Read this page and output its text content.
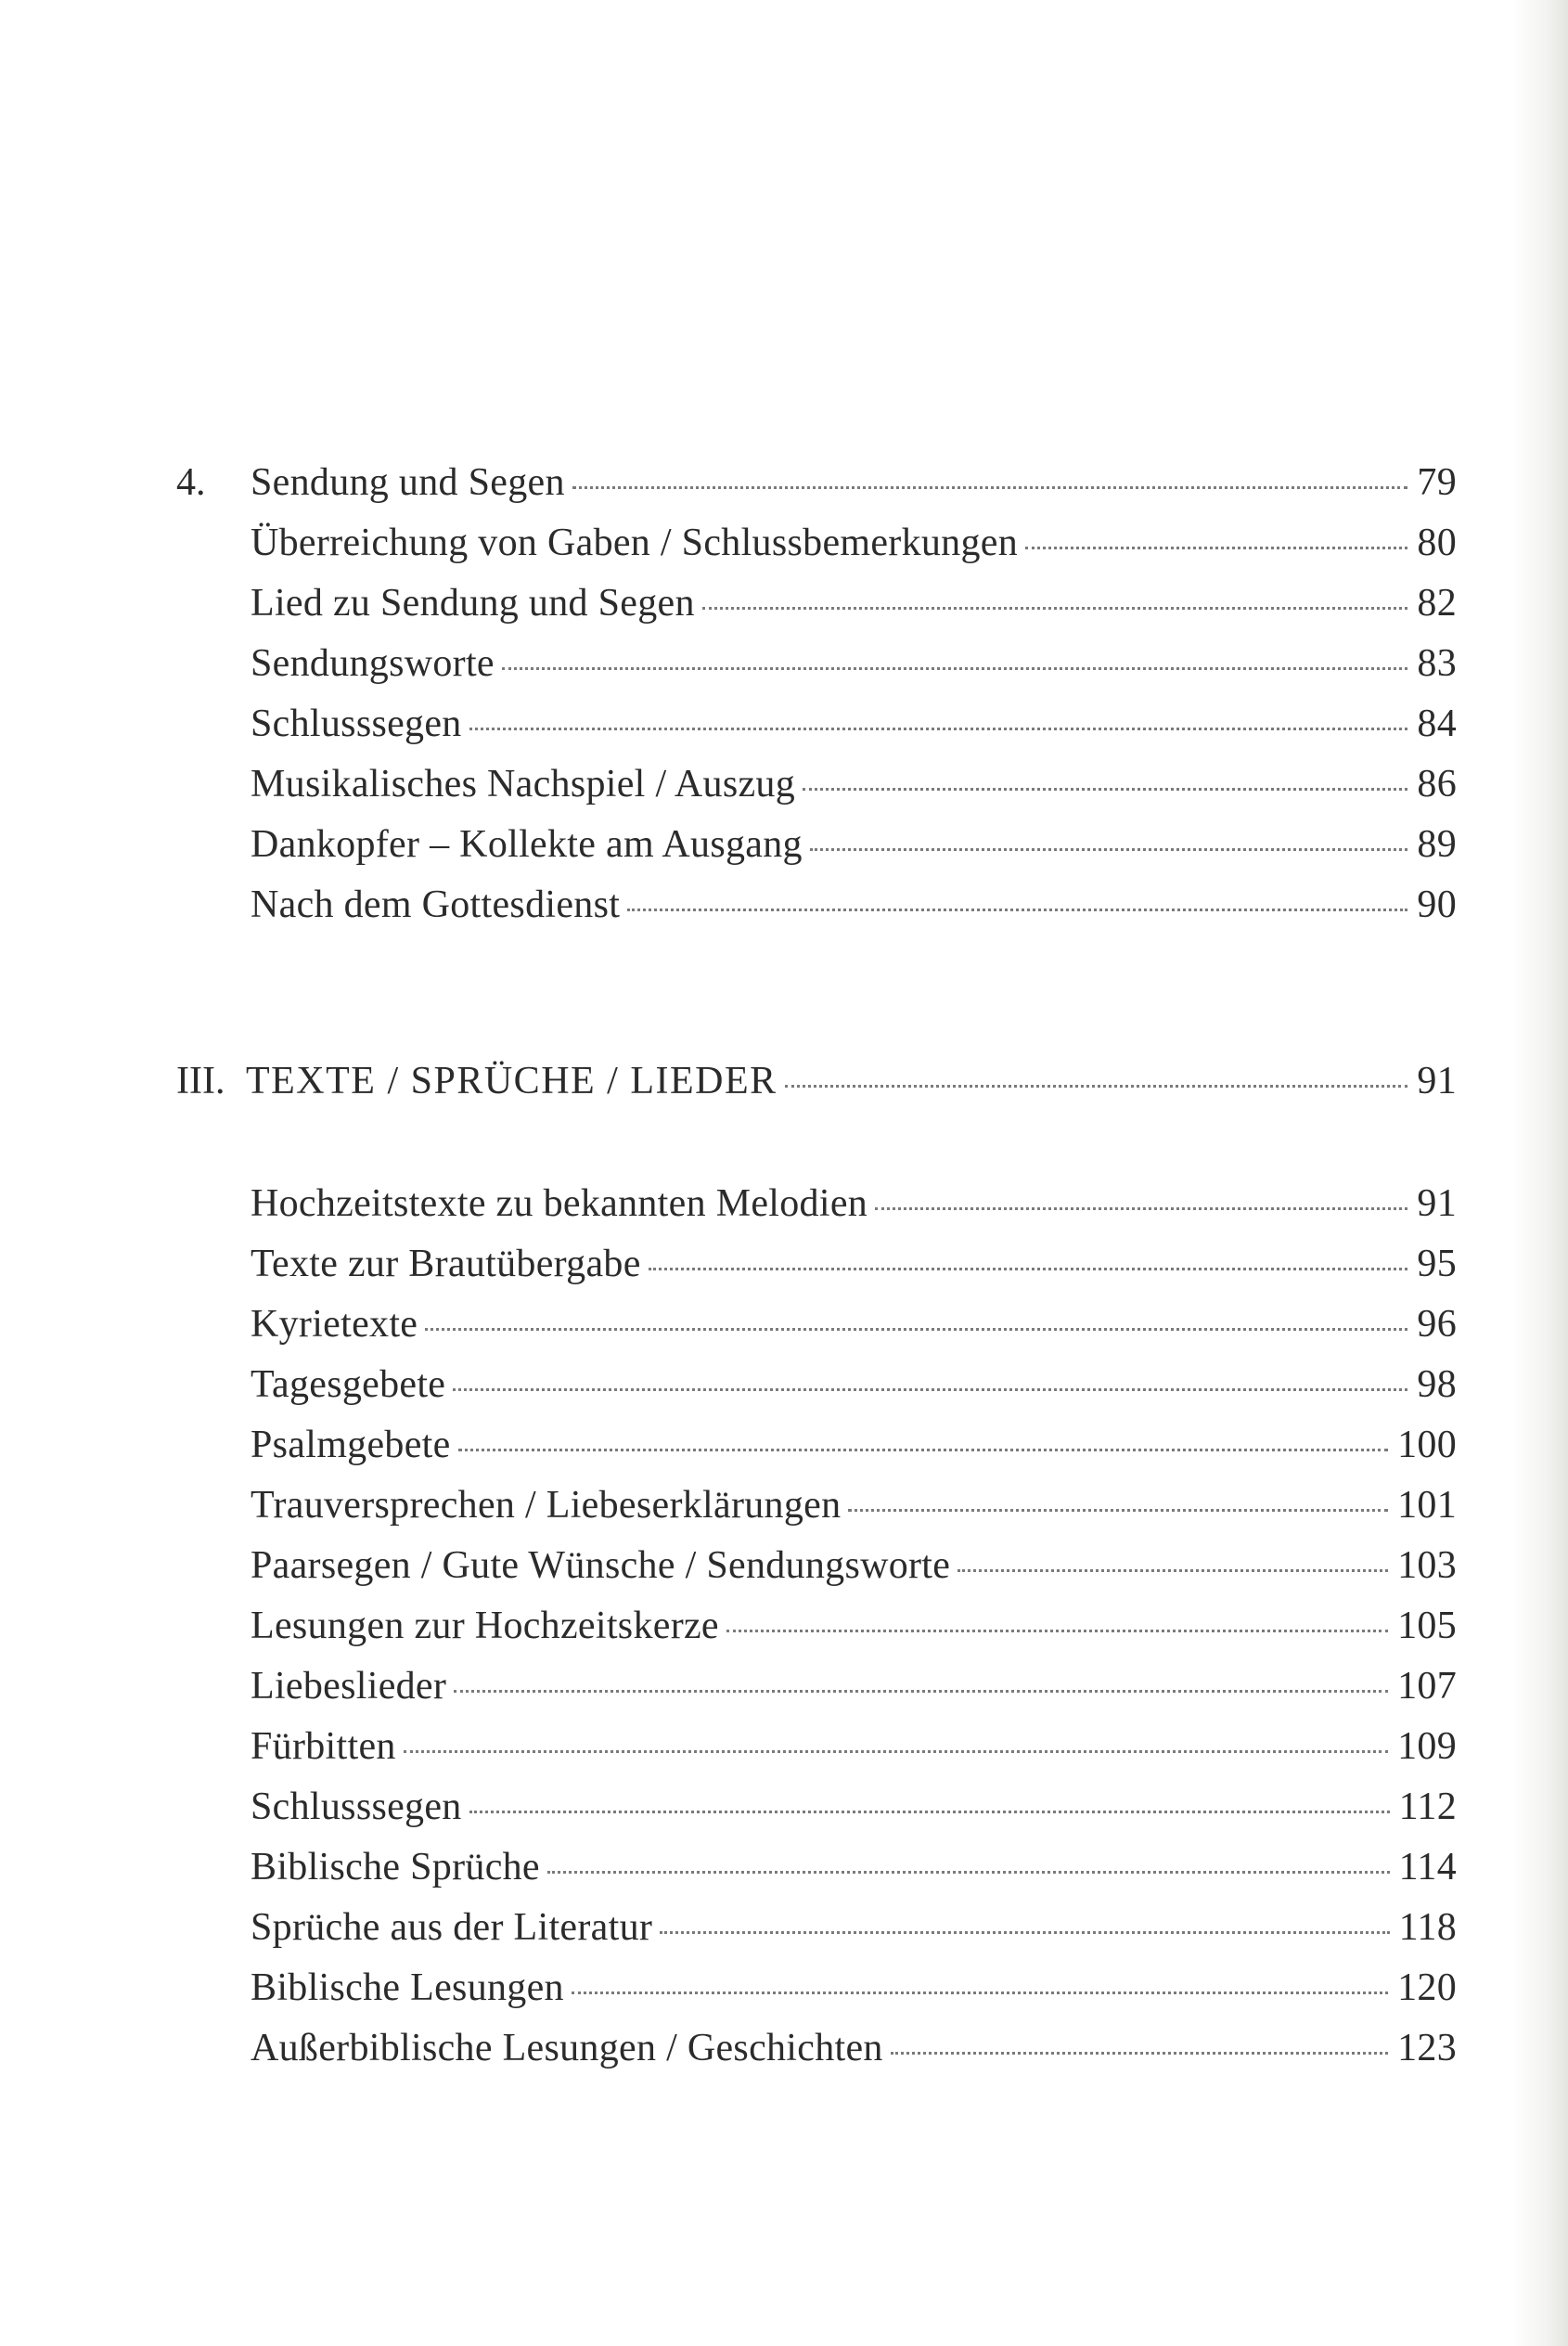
4. Sendung und Segen	79
Überreichung von Gaben / Schlussbemerkungen	80
Lied zu Sendung und Segen	82
Sendungsworte	83
Schlusssegen	84
Musikalisches Nachspiel / Auszug	86
Dankopfer – Kollekte am Ausgang	89
Nach dem Gottesdienst	90
III. TEXTE / SPRÜCHE / LIEDER	91
Hochzeitstexte zu bekannten Melodien	91
Texte zur Brautübergabe	95
Kyrietexte	96
Tagesgebete	98
Psalmgebete	100
Trauversprechen / Liebeserklärungen	101
Paarsegen / Gute Wünsche / Sendungsworte	103
Lesungen zur Hochzeitskerze	105
Liebeslieder	107
Fürbitten	109
Schlusssegen	112
Biblische Sprüche	114
Sprüche aus der Literatur	118
Biblische Lesungen	120
Außerbiblische Lesungen / Geschichten	123
